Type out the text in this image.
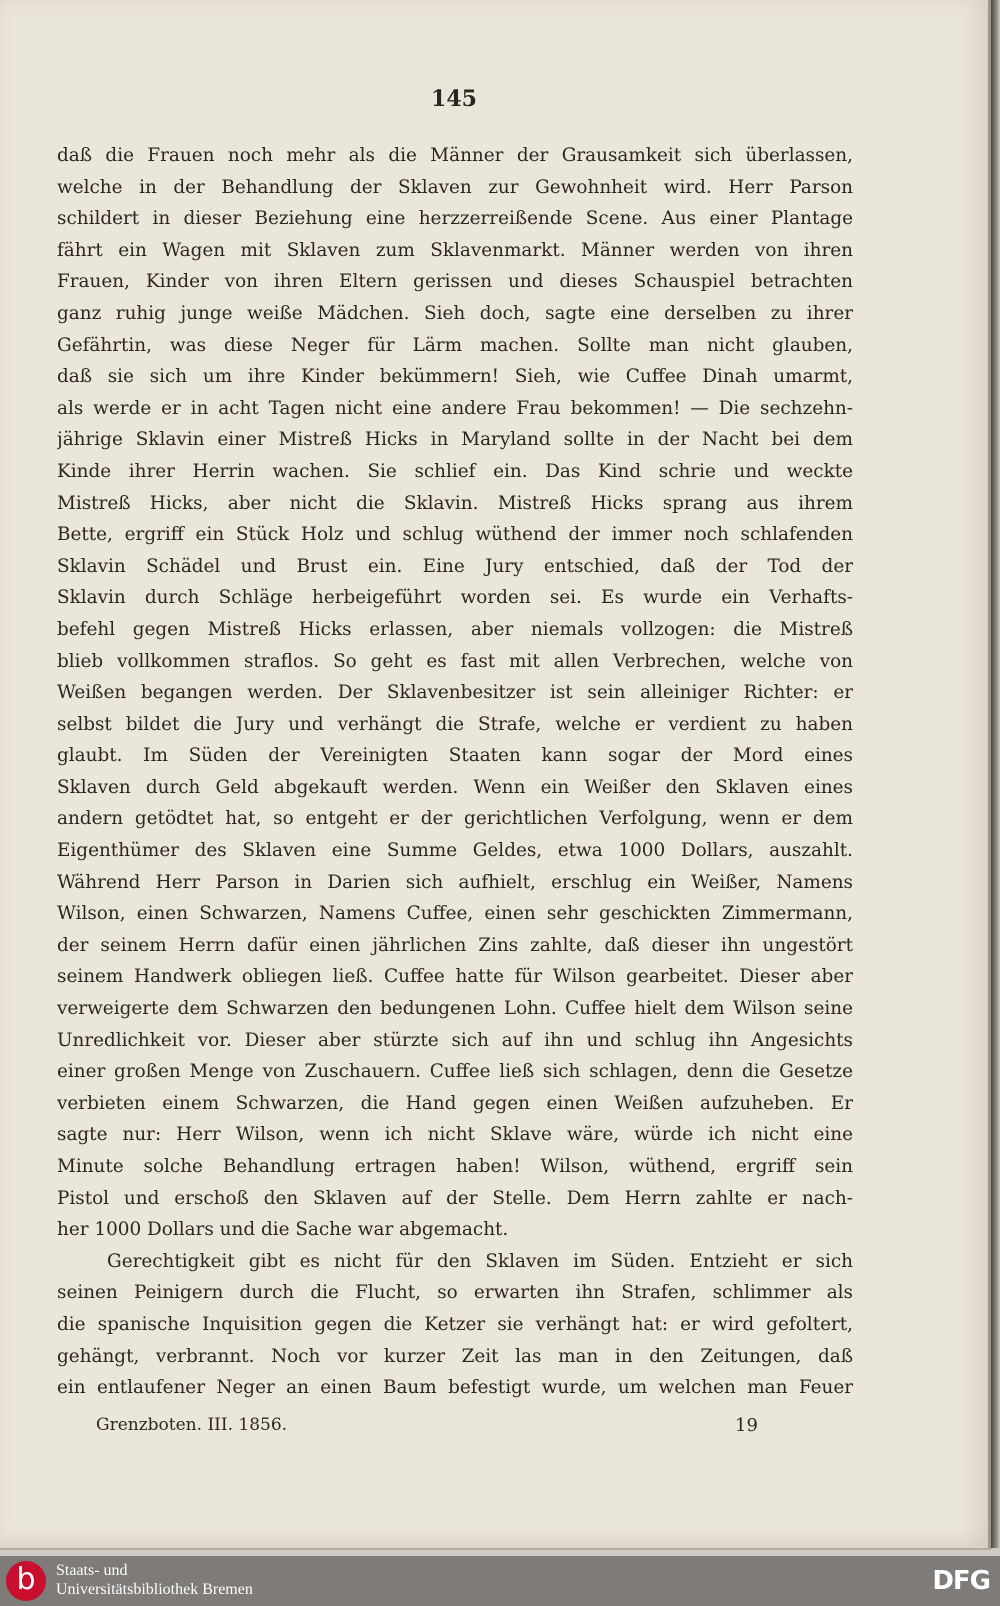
145
daß die Frauen noch mehr als die Männer der Grausamkeit sich überlassen,
welche in der Behandlung der Sklaven zur Gewohnheit wird. Herr Parson
schildert in dieser Beziehung eine herzzerreißende Scene. Aus einer Plantage
fährt ein Wagen mit Sklaven zum Sklavenmarkt. Männer werden von ihren
Frauen, Kinder von ihren Eltern gerissen und dieses Schauspiel betrachten
ganz ruhig junge weiße Mädchen. Sieh doch, sagte eine derselben zu ihrer
Gefährtin, was diese Neger für Lärm machen. Sollte man nicht glauben,
daß sie sich um ihre Kinder bekümmern! Sieh, wie Cuffee Dinah umarmt,
als werde er in acht Tagen nicht eine andere Frau bekommen! — Die sechzehn-
jährige Sklavin einer Mistreß Hicks in Maryland sollte in der Nacht bei dem
Kinde ihrer Herrin wachen. Sie schlief ein. Das Kind schrie und weckte
Mistreß Hicks, aber nicht die Sklavin. Mistreß Hicks sprang aus ihrem
Bette, ergriff ein Stück Holz und schlug wüthend der immer noch schlafenden
Sklavin Schädel und Brust ein. Eine Jury entschied, daß der Tod der
Sklavin durch Schläge herbeigeführt worden sei. Es wurde ein Verhafts-
befehl gegen Mistreß Hicks erlassen, aber niemals vollzogen: die Mistreß
blieb vollkommen straflos. So geht es fast mit allen Verbrechen, welche von
Weißen begangen werden. Der Sklavenbesitzer ist sein alleiniger Richter: er
selbst bildet die Jury und verhängt die Strafe, welche er verdient zu haben
glaubt. Im Süden der Vereinigten Staaten kann sogar der Mord eines
Sklaven durch Geld abgekauft werden. Wenn ein Weißer den Sklaven eines
andern getödtet hat, so entgeht er der gerichtlichen Verfolgung, wenn er dem
Eigenthümer des Sklaven eine Summe Geldes, etwa 1000 Dollars, auszahlt.
Während Herr Parson in Darien sich aufhielt, erschlug ein Weißer, Namens
Wilson, einen Schwarzen, Namens Cuffee, einen sehr geschickten Zimmermann,
der seinem Herrn dafür einen jährlichen Zins zahlte, daß dieser ihn ungestört
seinem Handwerk obliegen ließ. Cuffee hatte für Wilson gearbeitet. Dieser aber
verweigerte dem Schwarzen den bedungenen Lohn. Cuffee hielt dem Wilson seine
Unredlichkeit vor. Dieser aber stürzte sich auf ihn und schlug ihn Angesichts
einer großen Menge von Zuschauern. Cuffee ließ sich schlagen, denn die Gesetze
verbieten einem Schwarzen, die Hand gegen einen Weißen aufzuheben. Er
sagte nur: Herr Wilson, wenn ich nicht Sklave wäre, würde ich nicht eine
Minute solche Behandlung ertragen haben! Wilson, wüthend, ergriff sein
Pistol und erschoß den Sklaven auf der Stelle. Dem Herrn zahlte er nach-
her 1000 Dollars und die Sache war abgemacht.
Gerechtigkeit gibt es nicht für den Sklaven im Süden. Entzieht er sich
seinen Peinigern durch die Flucht, so erwarten ihn Strafen, schlimmer als
die spanische Inquisition gegen die Ketzer sie verhängt hat: er wird gefoltert,
gehängt, verbrannt. Noch vor kurzer Zeit las man in den Zeitungen, daß
ein entlaufener Neger an einen Baum befestigt wurde, um welchen man Feuer
Grenzboten. III. 1856.	19
b	Staats- und
Universitätsbibliothek Bremen	DFG
